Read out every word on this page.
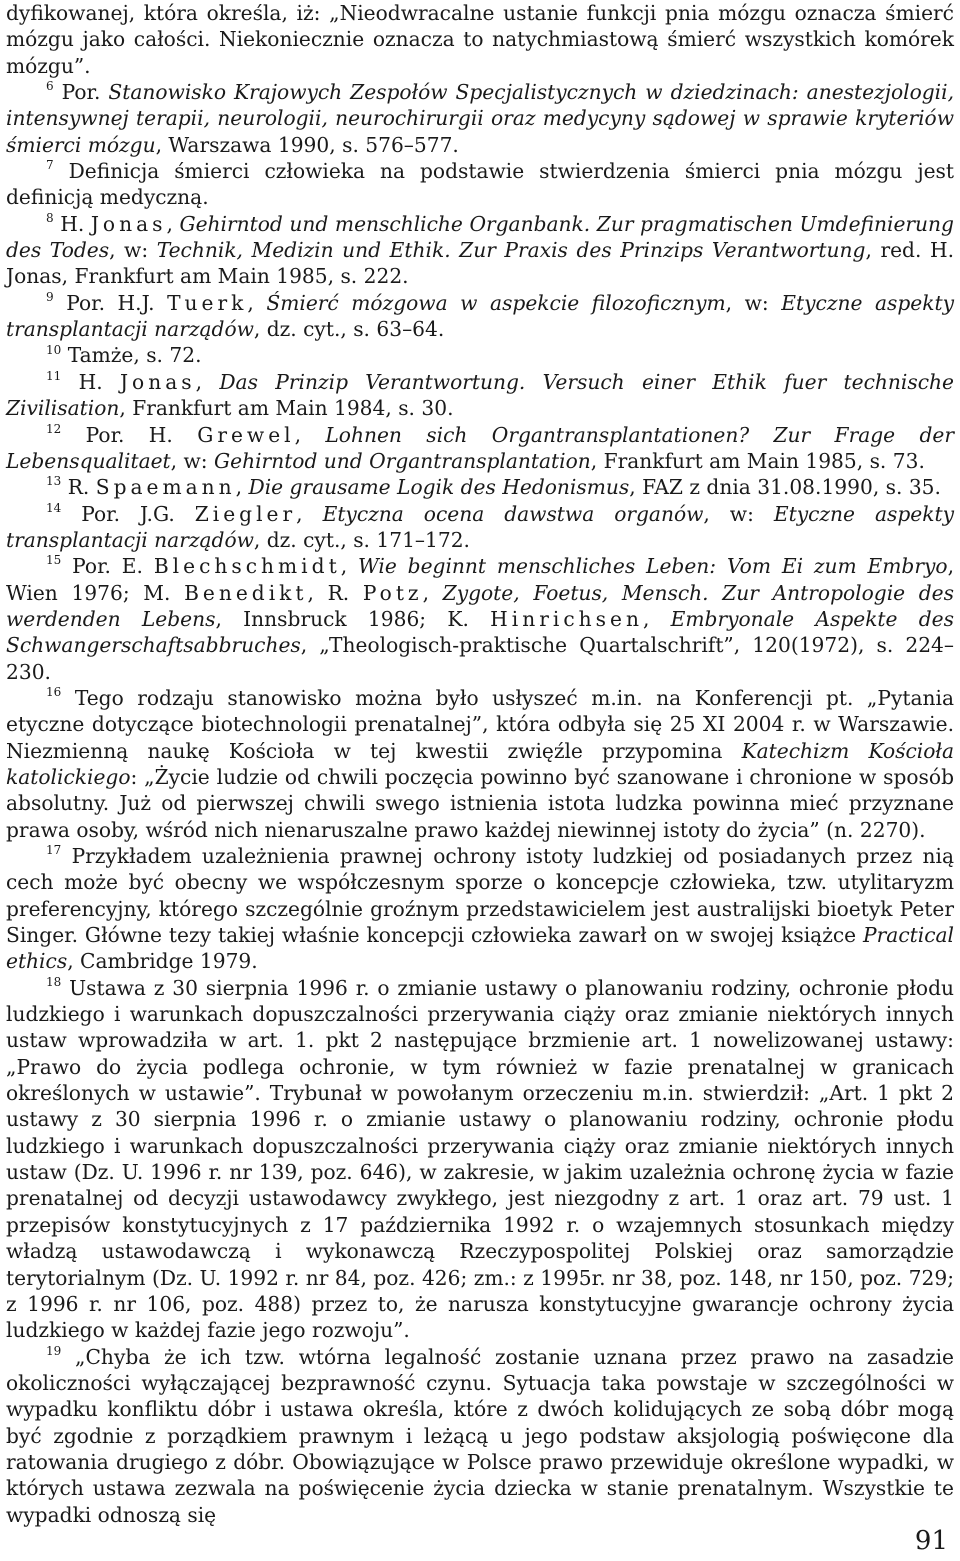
dyfikowanej, która określa, iż: „Nieodwracalne ustanie funkcji pnia mózgu oznacza śmierć mózgu jako całości. Niekoniecznie oznacza to natychmiastową śmierć wszystkich komórek mózgu”.

$^6$ Por. Stanowisko Krajowych Zespołów Specjalistycznych w dziedzinach: anestezjologii, intensywnej terapii, neurologii, neurochirurgii oraz medycyny sądowej w sprawie kryteriów śmierci mózgu, Warszawa 1990, s. 576–577.

$^7$ Definicja śmierci człowieka na podstawie stwierdzenia śmierci pnia mózgu jest definicją medyczną.

$^8$ H. Jonas, Gehirntod und menschliche Organbank. Zur pragmatischen Umdefinierung des Todes, w: Technik, Medizin und Ethik. Zur Praxis des Prinzips Verantwortung, red. H. Jonas, Frankfurt am Main 1985, s. 222.

$^9$ Por. H.J. Tuerk, Śmierć mózgowa w aspekcie filozoficznym, w: Etyczne aspekty transplantacji narządów, dz. cyt., s. 63–64.

$^{10}$ Tamże, s. 72.

$^{11}$ H. Jonas, Das Prinzip Verantwortung. Versuch einer Ethik fuer technische Zivilisation, Frankfurt am Main 1984, s. 30.

$^{12}$ Por. H. Grewel, Lohnen sich Organtransplantationen? Zur Frage der Lebensqualitaet, w: Gehirntod und Organtransplantation, Frankfurt am Main 1985, s. 73.

$^{13}$ R. Spaemann, Die grausame Logik des Hedonismus, FAZ z dnia 31.08.1990, s. 35.

$^{14}$ Por. J.G. Ziegler, Etyczna ocena dawstwa organów, w: Etyczne aspekty transplantacji narządów, dz. cyt., s. 171–172.

$^{15}$ Por. E. Blechschmidt, Wie beginnt menschliches Leben: Vom Ei zum Embryo, Wien 1976; M. Benedikt, R. Potz, Zygote, Foetus, Mensch. Zur Antropologie des werdenden Lebens, Innsbruck 1986; K. Hinrichsen, Embryonale Aspekte des Schwangerschaftsabbruches, „Theologisch-praktische Quartalschrift”, 120(1972), s. 224–230.

$^{16}$ Tego rodzaju stanowisko można było usłyszeć m.in. na Konferencji pt. „Pytania etyczne dotyczące biotechnologii prenatalnej”, która odbyła się 25 XI 2004 r. w Warszawie. Niezmienną naukę Kościoła w tej kwestii zwięźle przypomina Katechizm Kościoła katolickiego: „Życie ludzie od chwili poczęcia powinno być szanowane i chronione w sposób absolutny. Już od pierwszej chwili swego istnienia istota ludzka powinna mieć przyznane prawa osoby, wśród nich nienaruszalne prawo każdej niewinnej istoty do życia” (n. 2270).

$^{17}$ Przykładem uzależnienia prawnej ochrony istoty ludzkiej od posiadanych przez nią cech może być obecny we współczesnym sporze o koncepcje człowieka, tzw. utylitaryzm preferencyjny, którego szczególnie groźnym przedstawicielem jest australijski bioetyk Peter Singer. Główne tezy takiej właśnie koncepcji człowieka zawarł on w swojej książce Practical ethics, Cambridge 1979.

$^{18}$ Ustawa z 30 sierpnia 1996 r. o zmianie ustawy o planowaniu rodziny, ochronie płodu ludzkiego i warunkach dopuszczalności przerywania ciąży oraz zmianie niektórych innych ustaw wprowadziła w art. 1. pkt 2 następujące brzmienie art. 1 nowelizowanej ustawy: „Prawo do życia podlega ochronie, w tym również w fazie prenatalnej w granicach określonych w ustawie”. Trybunał w powołanym orzeczeniu m.in. stwierdził: „Art. 1 pkt 2 ustawy z 30 sierpnia 1996 r. o zmianie ustawy o planowaniu rodziny, ochronie płodu ludzkiego i warunkach dopuszczalności przerywania ciąży oraz zmianie niektórych innych ustaw (Dz. U. 1996 r. nr 139, poz. 646), w zakresie, w jakim uzależnia ochronę życia w fazie prenatalnej od decyzji ustawodawcy zwykłego, jest niezgodny z art. 1 oraz art. 79 ust. 1 przepisów konstytucyjnych z 17 października 1992 r. o wzajemnych stosunkach między władzą ustawodawczą i wykonawczą Rzeczypospolitej Polskiej oraz samorządzie terytorialnym (Dz. U. 1992 r. nr 84, poz. 426; zm.: z 1995r. nr 38, poz. 148, nr 150, poz. 729; z 1996 r. nr 106, poz. 488) przez to, że narusza konstytucyjne gwarancje ochrony życia ludzkiego w każdej fazie jego rozwoju”.

$^{19}$ „Chyba że ich tzw. wtórna legalność zostanie uznana przez prawo na zasadzie okoliczności wyłączającej bezprawność czynu. Sytuacja taka powstaje w szczególności w wypadku konfliktu dóbr i ustawa określa, które z dwóch kolidujących ze sobą dóbr mogą być zgodnie z porządkiem prawnym i leżącą u jego podstaw aksjologią poświęcone dla ratowania drugiego z dóbr. Obowiązujące w Polsce prawo przewiduje określone wypadki, w których ustawa zezwala na poświęcenie życia dziecka w stanie prenatalnym. Wszystkie te wypadki odnoszą się

91
